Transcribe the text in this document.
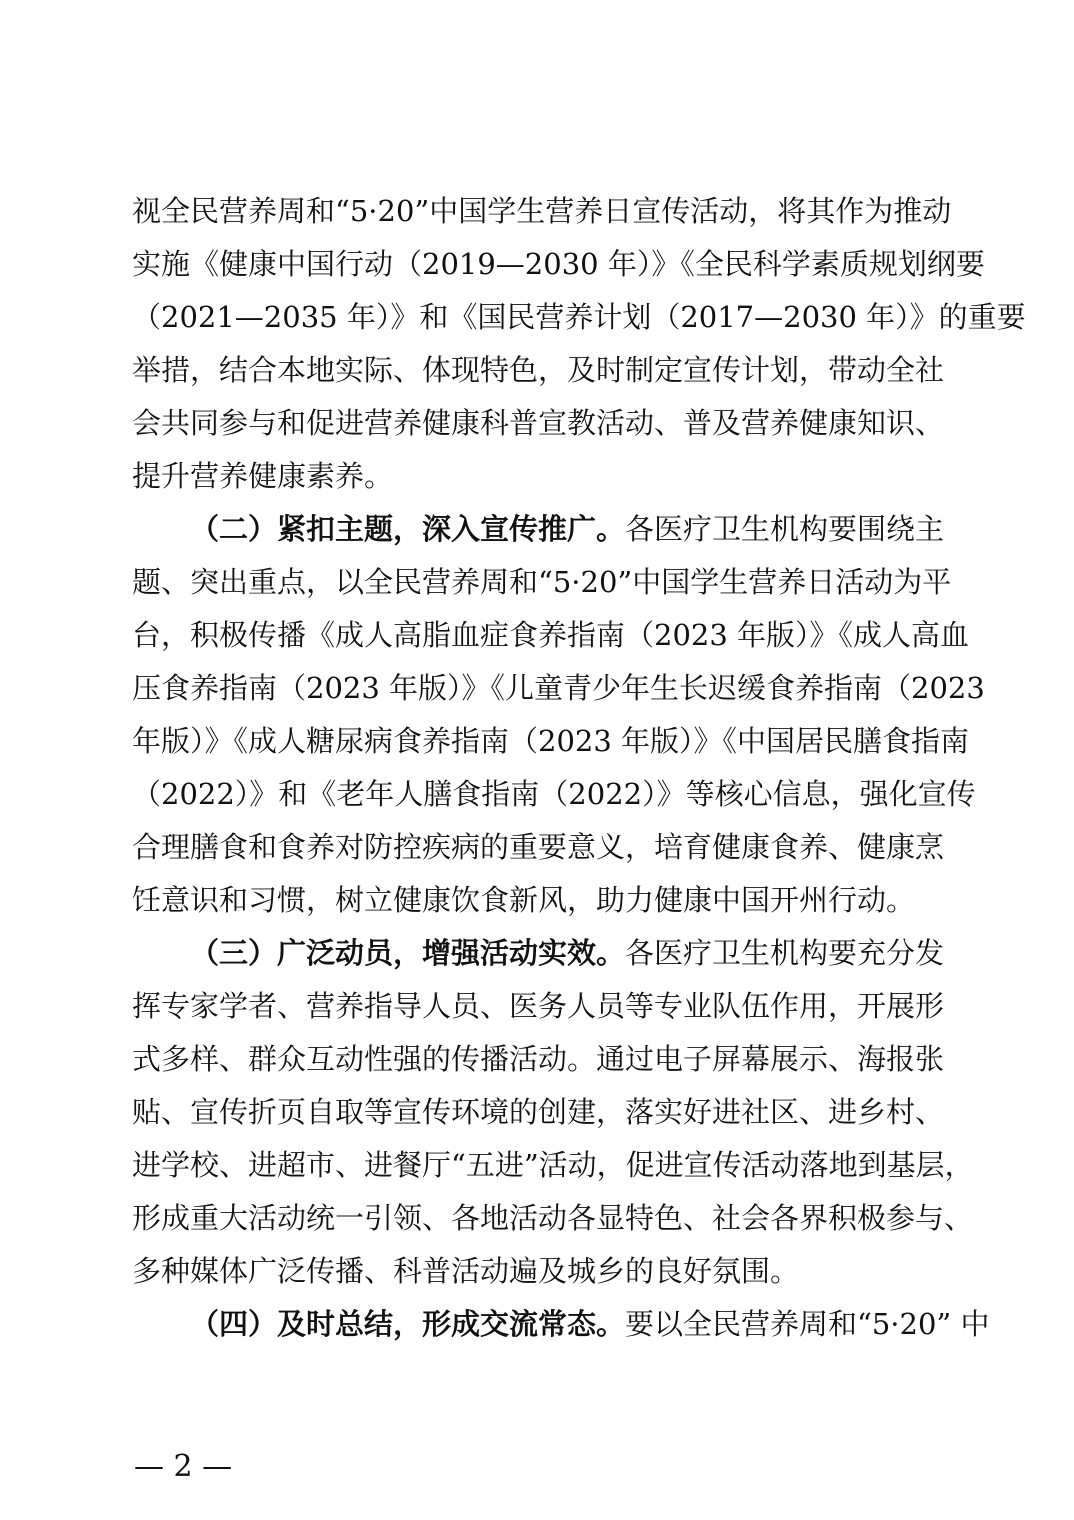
视全民营养周和“5·20”中国学生营养日宣传活动，将其作为推动
实施《健康中国行动（2019—2030 年）》《全民科学素质规划纲要
（2021—2035 年）》和《国民营养计划（2017—2030 年）》的重要
举措，结合本地实际、体现特色，及时制定宣传计划，带动全社
会共同参与和促进营养健康科普宣教活动、普及营养健康知识、
提升营养健康素养。
（二）紧扣主题，深入宣传推广。各医疗卫生机构要围绕主
题、突出重点，以全民营养周和“5·20”中国学生营养日活动为平
台，积极传播《成人高脂血症食养指南（2023 年版）》《成人高血
压食养指南（2023 年版）》《儿童青少年生长迟缓食养指南（2023
年版）》《成人糖尿病食养指南（2023 年版）》《中国居民膳食指南
（2022）》和《老年人膳食指南（2022）》等核心信息，强化宣传
合理膳食和食养对防控疾病的重要意义，培育健康食养、健康烹
饪意识和习惯，树立健康饮食新风，助力健康中国开州行动。
（三）广泛动员，增强活动实效。各医疗卫生机构要充分发
挥专家学者、营养指导人员、医务人员等专业队伍作用，开展形
式多样、群众互动性强的传播活动。通过电子屏幕展示、海报张
贴、宣传折页自取等宣传环境的创建，落实好进社区、进乡村、
进学校、进超市、进餐厅“五进”活动，促进宣传活动落地到基层，
形成重大活动统一引领、各地活动各显特色、社会各界积极参与、
多种媒体广泛传播、科普活动遍及城乡的良好氛围。
（四）及时总结，形成交流常态。要以全民营养周和“5·20” 中
— 2 —
